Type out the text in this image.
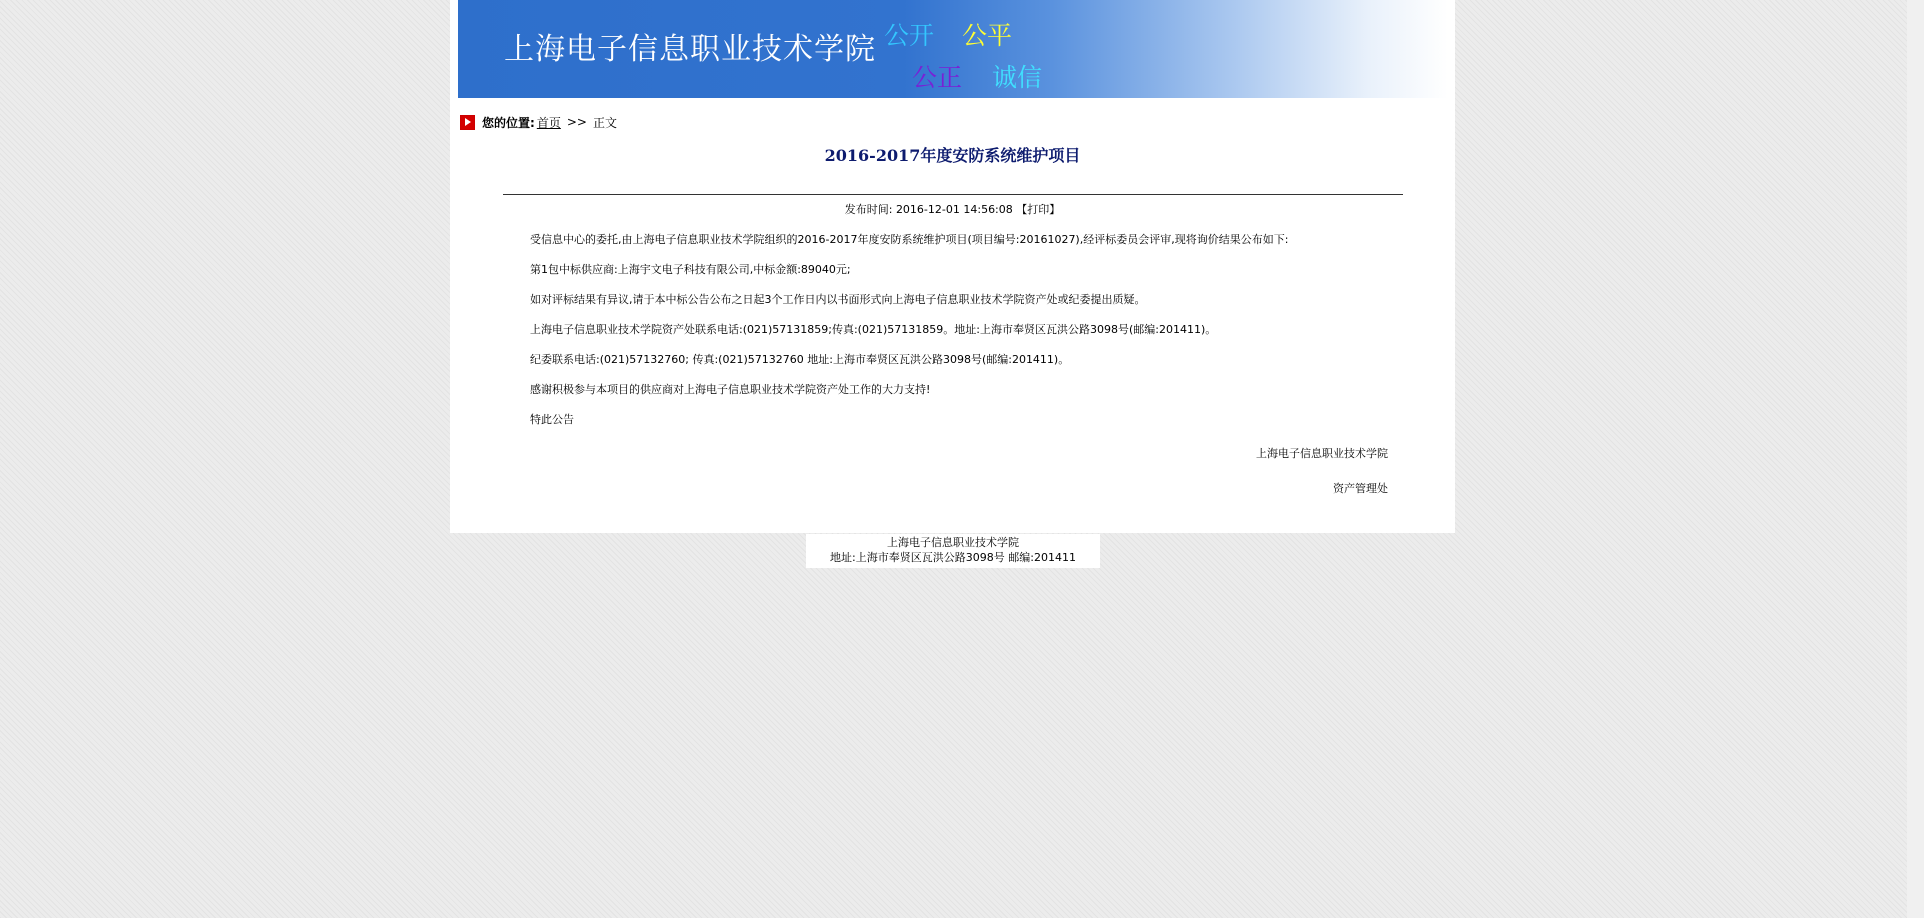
上海电子信息职业技术学院 公开 公平
公正 诚信
您的位置: 首页 >> 正文
2016-2017年度安防系统维护项目
发布时间: 2016-12-01 14:56:08 【打印】
受信息中心的委托,由上海电子信息职业技术学院组织的2016-2017年度安防系统维护项目(项目编号:20161027),经评标委员会评审,现将询价结果公布如下:
第1包中标供应商:上海宇文电子科技有限公司,中标金额:89040元;
如对评标结果有异议,请于本中标公告公布之日起3个工作日内以书面形式向上海电子信息职业技术学院资产处或纪委提出质疑。
上海电子信息职业技术学院资产处联系电话:(021)57131859;传真:(021)57131859。地址:上海市奉贤区瓦洪公路3098号(邮编:201411)。
纪委联系电话:(021)57132760; 传真:(021)57132760 地址:上海市奉贤区瓦洪公路3098号(邮编:201411)。
感谢积极参与本项目的供应商对上海电子信息职业技术学院资产处工作的大力支持!
特此公告
上海电子信息职业技术学院
资产管理处
上海电子信息职业技术学院
地址:上海市奉贤区瓦洪公路3098号 邮编:201411
